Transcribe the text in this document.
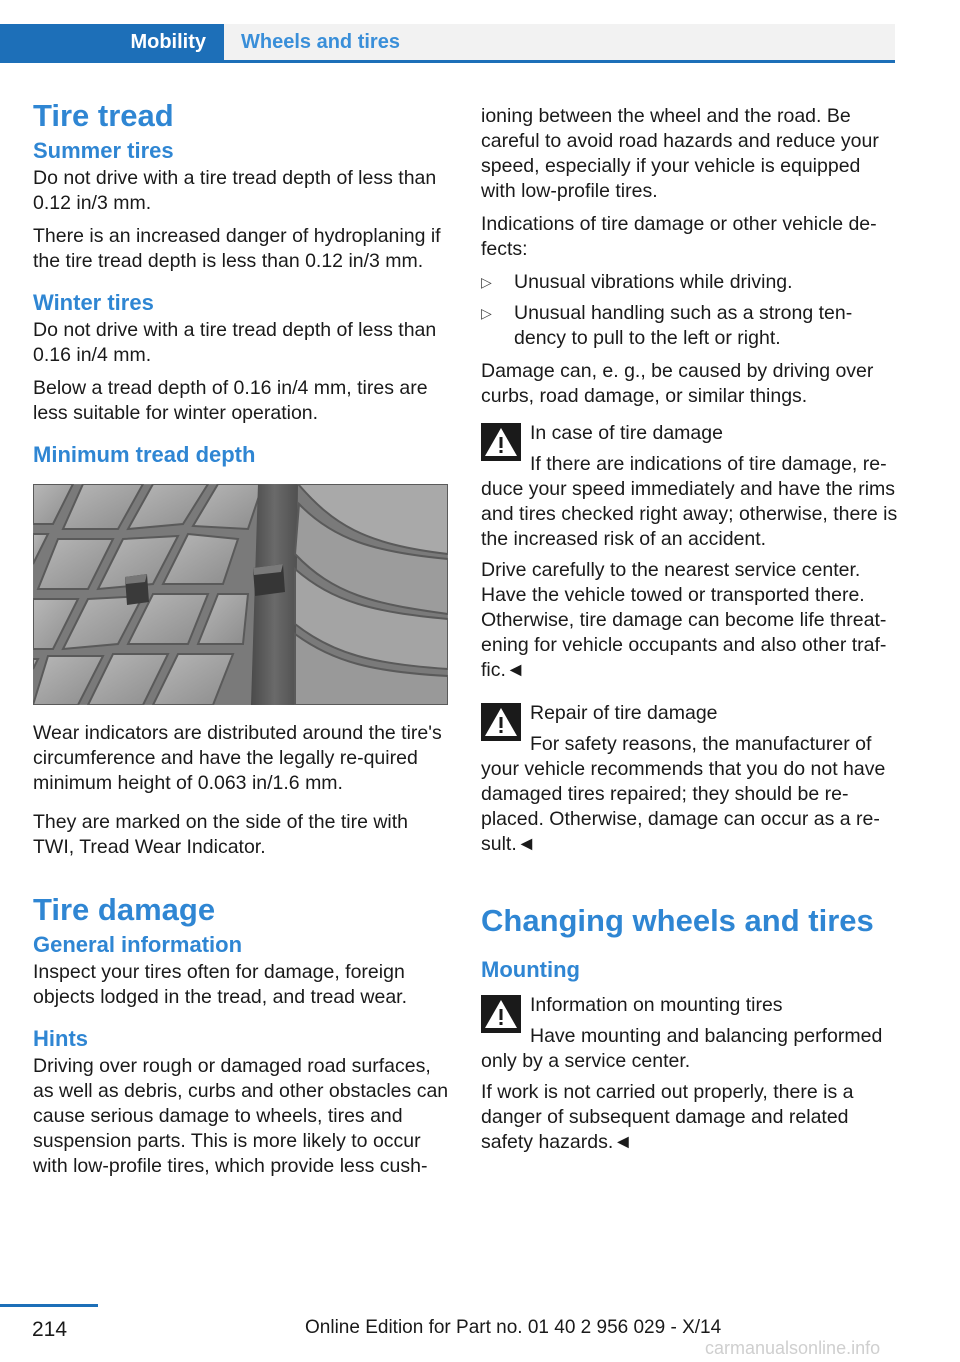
Mobility	Wheels and tires
Tire tread
Summer tires

Do not drive with a tire tread depth of less than 0.12 in/3 mm.

There is an increased danger of hydroplaning if the tire tread depth is less than 0.12 in/3 mm.

Winter tires

Do not drive with a tire tread depth of less than 0.16 in/4 mm.

Below a tread depth of 0.16 in/4 mm, tires are less suitable for winter operation.

Minimum tread depth

Wear indicators are distributed around the tire's circumference and have the legally re‐quired minimum height of 0.063 in/1.6 mm.

They are marked on the side of the tire with TWI, Tread Wear Indicator.

Tire damage
General information

Inspect your tires often for damage, foreign objects lodged in the tread, and tread wear.

Hints

Driving over rough or damaged road surfaces, as well as debris, curbs and other obstacles can cause serious damage to wheels, tires and suspension parts. This is more likely to occur with low-profile tires, which provide less cush‐

ioning between the wheel and the road. Be careful to avoid road hazards and reduce your speed, especially if your vehicle is equipped with low-profile tires.

Indications of tire damage or other vehicle de‐fects:

▷ Unusual vibrations while driving.
▷ Unusual handling such as a strong ten‐dency to pull to the left or right.

Damage can, e. g., be caused by driving over curbs, road damage, or similar things.

In case of tire damage
If there are indications of tire damage, re‐

duce your speed immediately and have the rims and tires checked right away; otherwise, there is the increased risk of an accident.

Drive carefully to the nearest service center. Have the vehicle towed or transported there. Otherwise, tire damage can become life threat‐ening for vehicle occupants and also other traf‐fic.◄

Repair of tire damage
For safety reasons, the manufacturer of

your vehicle recommends that you do not have damaged tires repaired; they should be re‐placed. Otherwise, damage can occur as a re‐sult.◄

Changing wheels and tires
Mounting
Information on mounting tires
Have mounting and balancing performed

only by a service center.

If work is not carried out properly, there is a danger of subsequent damage and related safety hazards.◄

214	Online Edition for Part no. 01 40 2 956 029 - X/14
carmanualsonline.info
